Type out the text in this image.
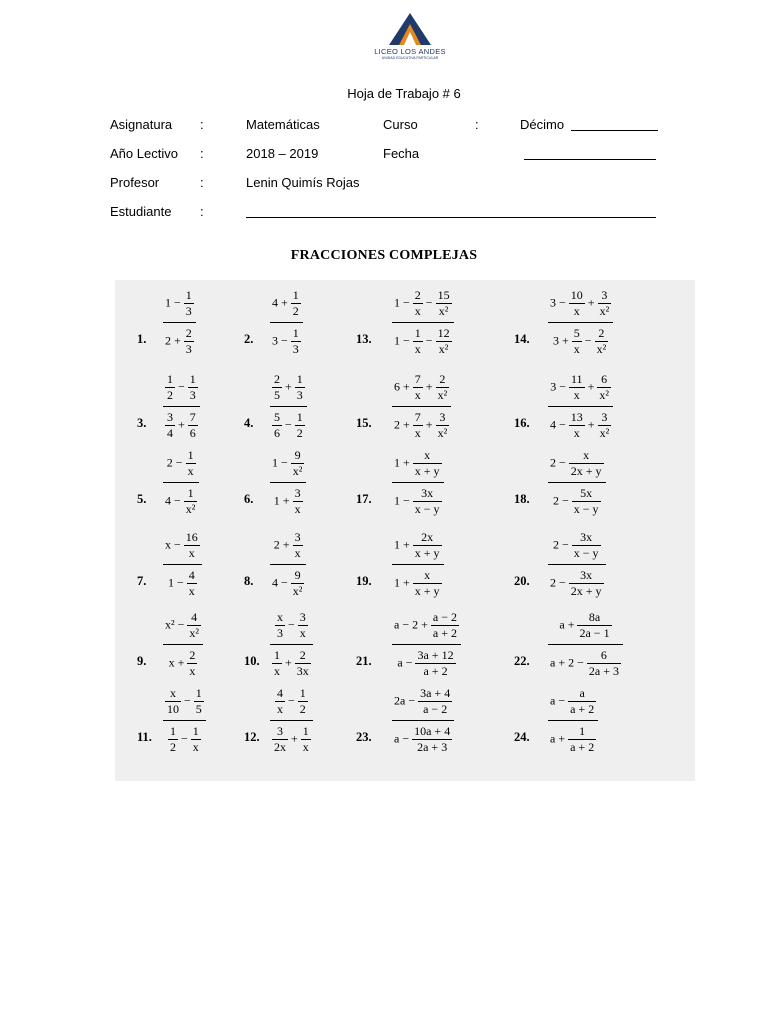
LICEO LOS ANDES
UNIDAD EDUCATIVA PARTICULAR
Hoja de Trabajo # 6
Asignatura :	Matemáticas	Curso	:	Décimo
Año Lectivo :	2018 – 2019	Fecha
Profesor	:	Lenin Quimís Rojas
Estudiante :
FRACCIONES COMPLEJAS
1. $\frac{1 - \frac{1}{3}}{2 + \frac{2}{3}}$	2. $\frac{4 + \frac{1}{2}}{3 - \frac{1}{3}}$	13. $\frac{1 - \frac{2}{x} - \frac{15}{\text{x²}}}{1 - \frac{1}{x} - \frac{12}{\text{x²}}}$	14. $\frac{3 - \frac{10}{x} + \frac{3}{\text{x²}}}{3 + \frac{5}{x} - \frac{2}{\text{x²}}}$
3. $\frac{\frac{1}{2} - \frac{1}{3}}{\frac{3}{4} + \frac{7}{6}}$	4. $\frac{\frac{2}{5} + \frac{1}{3}}{\frac{5}{6} - \frac{1}{2}}$	15. $\frac{6 + \frac{7}{x} + \frac{2}{\text{x²}}}{2 + \frac{7}{x} + \frac{3}{\text{x²}}}$	16. $\frac{3 - \frac{11}{x} + \frac{6}{\text{x²}}}{4 - \frac{13}{x} + \frac{3}{\text{x²}}}$
5. $\frac{2 - \frac{1}{x}}{4 - \frac{1}{\text{x²}}}$	6. $\frac{1 - \frac{9}{\text{x²}}}{1 + \frac{3}{x}}$	17. $\frac{1 + \frac{x}{x + y}}{1 - \frac{3x}{x - y}}$	18. $\frac{2 - \frac{x}{2x + y}}{2 - \frac{5x}{x - y}}$
7. $\frac{x - \frac{16}{x}}{1 - \frac{4}{x}}$	8. $\frac{2 + \frac{3}{x}}{4 - \frac{9}{\text{x²}}}$	19. $\frac{1 + \frac{2x}{x + y}}{1 + \frac{x}{x + y}}$	20. $\frac{2 - \frac{3x}{x - y}}{2 - \frac{3x}{2x + y}}$
9. $\frac{x^2 - \frac{4}{\text{x²}}}{x + \frac{2}{x}}$	10. $\frac{\frac{x}{3} - \frac{3}{x}}{\frac{1}{x} + \frac{2}{3x}}$	21. $\frac{a - 2 + \frac{a - 2}{a + 2}}{a - \frac{3a + 12}{a + 2}}$	22. $\frac{a + \frac{8a}{2a - 1}}{a + 2 - \frac{6}{2a + 3}}$
11. $\frac{\frac{x}{10} - \frac{1}{5}}{\frac{1}{2} - \frac{1}{x}}$	12. $\frac{\frac{4}{x} - \frac{1}{2}}{\frac{3}{2x} + \frac{1}{x}}$	23. $\frac{2a - \frac{3a + 4}{a - 2}}{a - \frac{10a + 4}{2a + 3}}$	24. $\frac{a - \frac{a}{a + 2}}{a + \frac{1}{a + 2}}$
